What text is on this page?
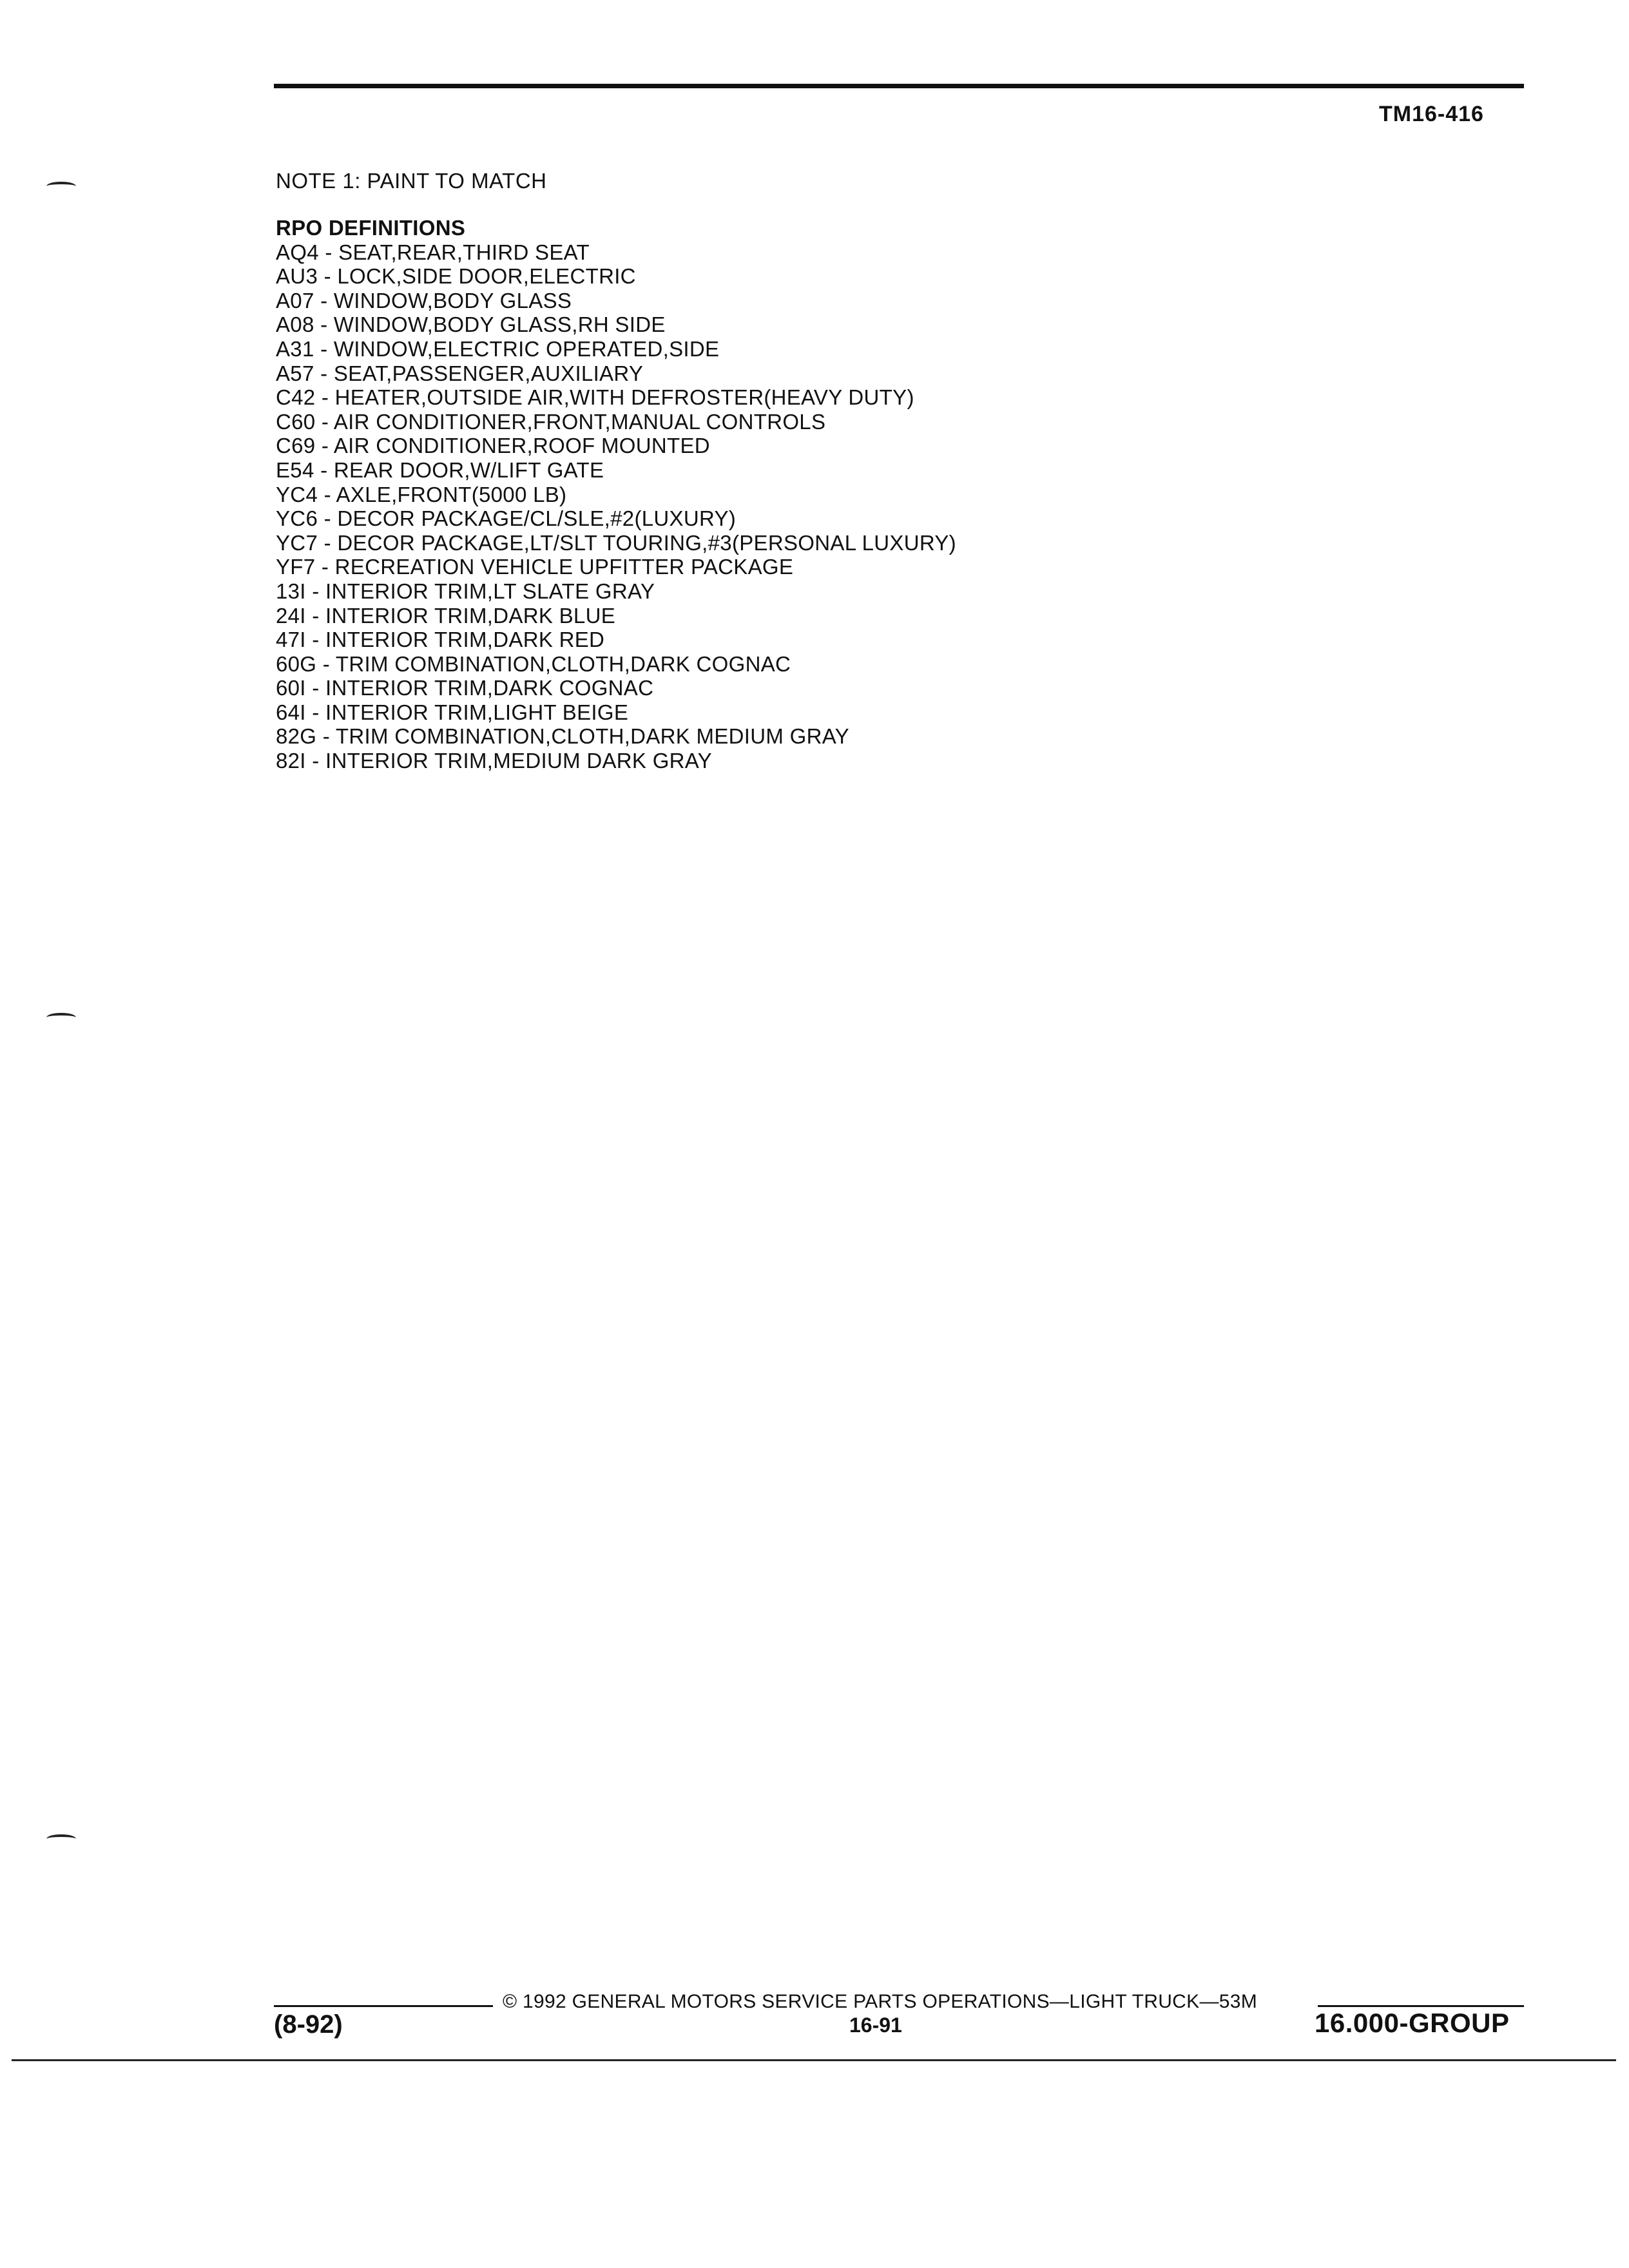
TM16-416
NOTE 1: PAINT TO MATCH
RPO DEFINITIONS
AQ4 - SEAT,REAR,THIRD SEAT
AU3 - LOCK,SIDE DOOR,ELECTRIC
A07 - WINDOW,BODY GLASS
A08 - WINDOW,BODY GLASS,RH SIDE
A31 - WINDOW,ELECTRIC OPERATED,SIDE
A57 - SEAT,PASSENGER,AUXILIARY
C42 - HEATER,OUTSIDE AIR,WITH DEFROSTER(HEAVY DUTY)
C60 - AIR CONDITIONER,FRONT,MANUAL CONTROLS
C69 - AIR CONDITIONER,ROOF MOUNTED
E54 - REAR DOOR,W/LIFT GATE
YC4 - AXLE,FRONT(5000 LB)
YC6 - DECOR PACKAGE/CL/SLE,#2(LUXURY)
YC7 - DECOR PACKAGE,LT/SLT TOURING,#3(PERSONAL LUXURY)
YF7 - RECREATION VEHICLE UPFITTER PACKAGE
13I - INTERIOR TRIM,LT SLATE GRAY
24I - INTERIOR TRIM,DARK BLUE
47I - INTERIOR TRIM,DARK RED
60G - TRIM COMBINATION,CLOTH,DARK COGNAC
60I - INTERIOR TRIM,DARK COGNAC
64I - INTERIOR TRIM,LIGHT BEIGE
82G - TRIM COMBINATION,CLOTH,DARK MEDIUM GRAY
82I - INTERIOR TRIM,MEDIUM DARK GRAY
© 1992 GENERAL MOTORS SERVICE PARTS OPERATIONS—LIGHT TRUCK—53M
(8-92)	16-91	16.000-GROUP
